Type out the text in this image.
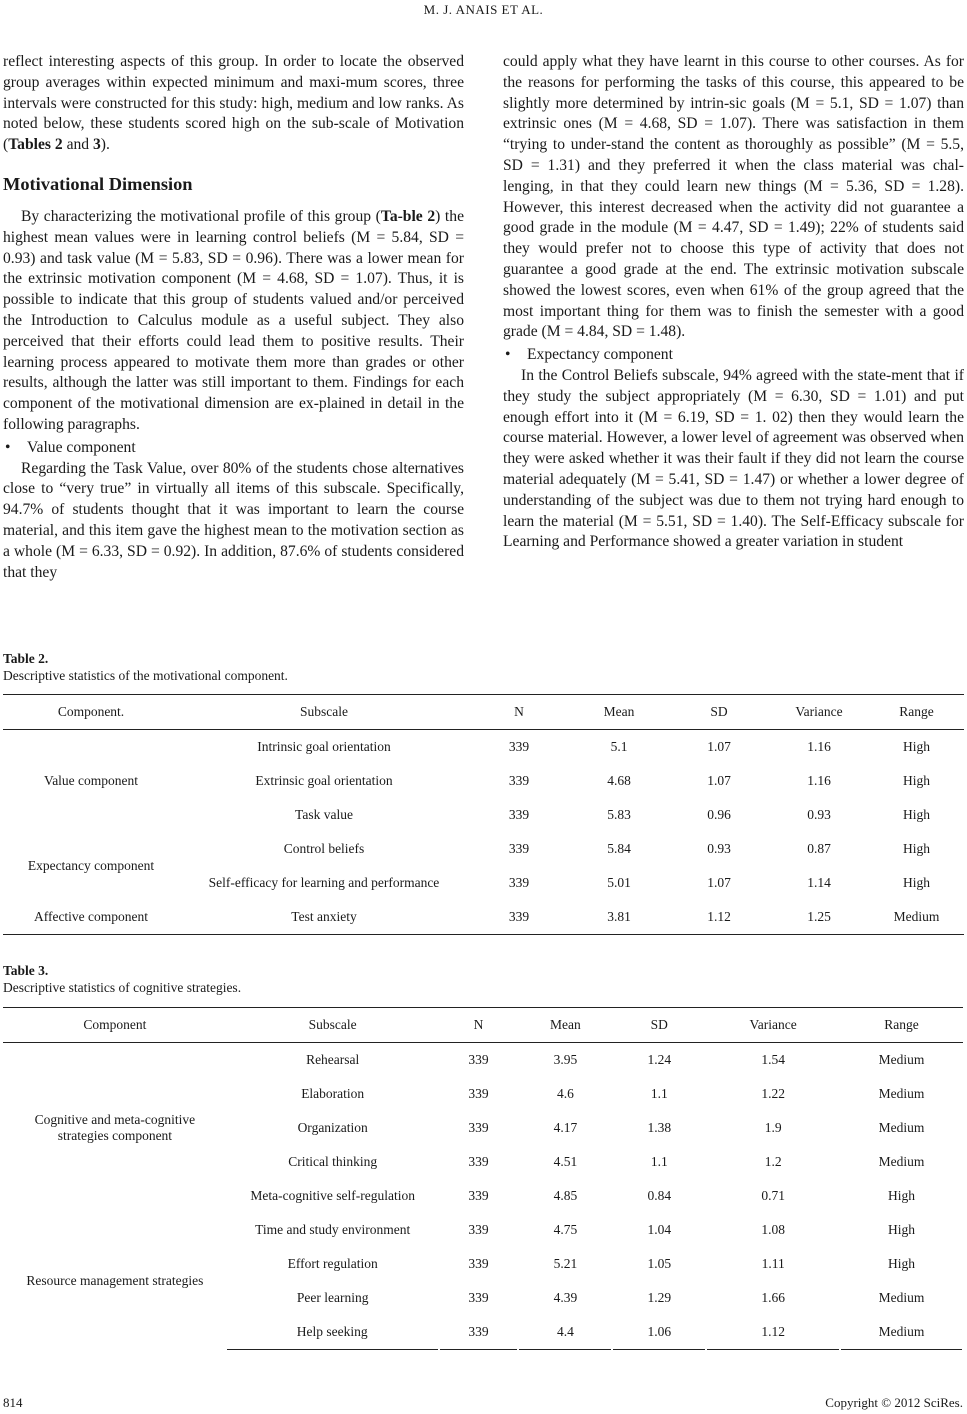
M. J. ANAIS ET AL.

reflect interesting aspects of this group. In order to locate the observed group averages within expected minimum and maxi-mum scores, three intervals were constructed for this study: high, medium and low ranks. As noted below, these students scored high on the sub-scale of Motivation (Tables 2 and 3).

Motivational Dimension

By characterizing the motivational profile of this group (Ta-ble 2) the highest mean values were in learning control beliefs (M = 5.84, SD = 0.93) and task value (M = 5.83, SD = 0.96). There was a lower mean for the extrinsic motivation component (M = 4.68, SD = 1.07). Thus, it is possible to indicate that this group of students valued and/or perceived the Introduction to Calculus module as a useful subject. They also perceived that their efforts could lead them to positive results. Their learning process appeared to motivate them more than grades or other results, although the latter was still important to them. Findings for each component of the motivational dimension are ex-plained in detail in the following paragraphs.

•	Value component

Regarding the Task Value, over 80% of the students chose alternatives close to “very true” in virtually all items of this subscale. Specifically, 94.7% of students thought that it was important to learn the course material, and this item gave the highest mean to the motivation section as a whole (M = 6.33, SD = 0.92). In addition, 87.6% of students considered that they

could apply what they have learnt in this course to other courses. As for the reasons for performing the tasks of this course, this appeared to be slightly more determined by intrin-sic goals (M = 5.1, SD = 1.07) than extrinsic ones (M = 4.68, SD = 1.07). There was satisfaction in them “trying to under-stand the content as thoroughly as possible” (M = 5.5, SD = 1.31) and they preferred it when the class material was chal-lenging, in that they could learn new things (M = 5.36, SD = 1.28). However, this interest decreased when the activity did not guarantee a good grade in the module (M = 4.47, SD = 1.49); 22% of students said they would prefer not to choose this type of activity that does not guarantee a good grade at the end. The extrinsic motivation subscale showed the lowest scores, even when 61% of the group agreed that the most important thing for them was to finish the semester with a good grade (M = 4.84, SD = 1.48).

•	Expectancy component

In the Control Beliefs subscale, 94% agreed with the state-ment that if they study the subject appropriately (M = 6.30, SD = 1.01) and put enough effort into it (M = 6.19, SD = 1. 02) then they would learn the course material. However, a lower level of agreement was observed when they were asked whether it was their fault if they did not learn the course material adequately (M = 5.41, SD = 1.47) or whether a lower degree of understanding of the subject was due to them not trying hard enough to learn the material (M = 5.51, SD = 1.40). The Self-Efficacy subscale for Learning and Performance showed a greater variation in student

Table 2.
Descriptive statistics of the motivational component.
Component.	Subscale	N	Mean	SD	Variance	Range
Value component	Intrinsic goal orientation	339	5.1	1.07	1.16	High
	Extrinsic goal orientation	339	4.68	1.07	1.16	High
	Task value	339	5.83	0.96	0.93	High
Expectancy component	Control beliefs	339	5.84	0.93	0.87	High
	Self-efficacy for learning and performance	339	5.01	1.07	1.14	High
Affective component	Test anxiety	339	3.81	1.12	1.25	Medium
Table 3.
Descriptive statistics of cognitive strategies.
Component	Subscale	N	Mean	SD	Variance	Range
Cognitive and meta-cognitive strategies component	Rehearsal	339	3.95	1.24	1.54	Medium
	Elaboration	339	4.6	1.1	1.22	Medium
	Organization	339	4.17	1.38	1.9	Medium
	Critical thinking	339	4.51	1.1	1.2	Medium
	Meta-cognitive self-regulation	339	4.85	0.84	0.71	High
Resource management strategies	Time and study environment	339	4.75	1.04	1.08	High
	Effort regulation	339	5.21	1.05	1.11	High
	Peer learning	339	4.39	1.29	1.66	Medium
	Help seeking	339	4.4	1.06	1.12	Medium
814	Copyright © 2012 SciRes.
